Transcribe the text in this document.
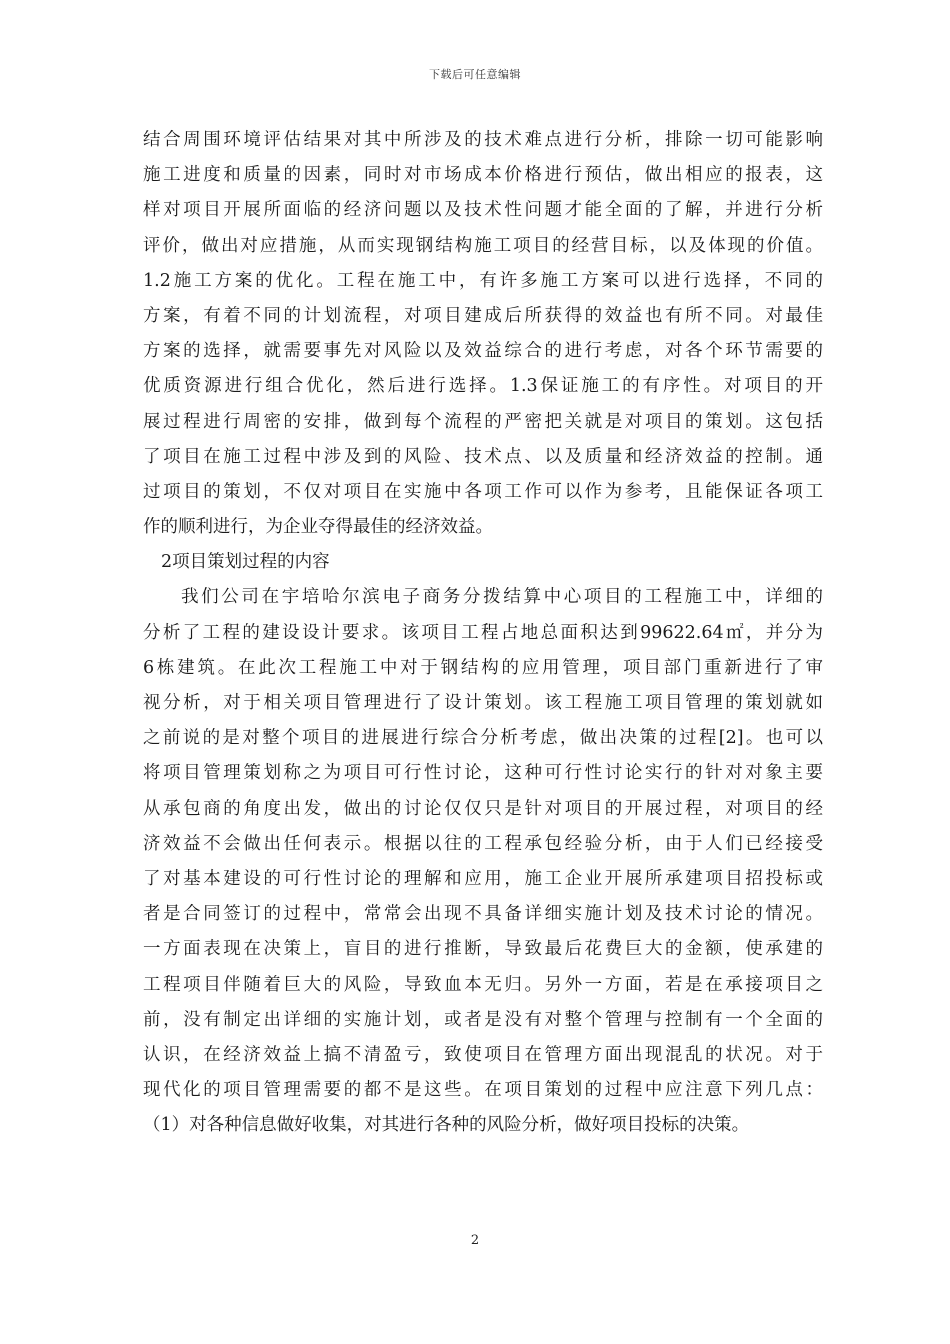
下载后可任意编辑
结合周围环境评估结果对其中所涉及的技术难点进行分析，排除一切可能影响
施工进度和质量的因素，同时对市场成本价格进行预估，做出相应的报表，这
样对项目开展所面临的经济问题以及技术性问题才能全面的了解，并进行分析
评价，做出对应措施，从而实现钢结构施工项目的经营目标，以及体现的价值。
1.2施工方案的优化。工程在施工中，有许多施工方案可以进行选择，不同的
方案，有着不同的计划流程，对项目建成后所获得的效益也有所不同。对最佳
方案的选择，就需要事先对风险以及效益综合的进行考虑，对各个环节需要的
优质资源进行组合优化，然后进行选择。1.3保证施工的有序性。对项目的开
展过程进行周密的安排，做到每个流程的严密把关就是对项目的策划。这包括
了项目在施工过程中涉及到的风险、技术点、以及质量和经济效益的控制。通
过项目的策划，不仅对项目在实施中各项工作可以作为参考，且能保证各项工
作的顺利进行，为企业夺得最佳的经济效益。
2项目策划过程的内容
我们公司在宇培哈尔滨电子商务分拨结算中心项目的工程施工中，详细的
分析了工程的建设设计要求。该项目工程占地总面积达到99622.64㎡，并分为
6栋建筑。在此次工程施工中对于钢结构的应用管理，项目部门重新进行了审
视分析，对于相关项目管理进行了设计策划。该工程施工项目管理的策划就如
之前说的是对整个项目的进展进行综合分析考虑，做出决策的过程[2]。也可以
将项目管理策划称之为项目可行性讨论，这种可行性讨论实行的针对对象主要
从承包商的角度出发，做出的讨论仅仅只是针对项目的开展过程，对项目的经
济效益不会做出任何表示。根据以往的工程承包经验分析，由于人们已经接受
了对基本建设的可行性讨论的理解和应用，施工企业开展所承建项目招投标或
者是合同签订的过程中，常常会出现不具备详细实施计划及技术讨论的情况。
一方面表现在决策上，盲目的进行推断，导致最后花费巨大的金额，使承建的
工程项目伴随着巨大的风险，导致血本无归。另外一方面，若是在承接项目之
前，没有制定出详细的实施计划，或者是没有对整个管理与控制有一个全面的
认识，在经济效益上搞不清盈亏，致使项目在管理方面出现混乱的状况。对于
现代化的项目管理需要的都不是这些。在项目策划的过程中应注意下列几点：
（1）对各种信息做好收集，对其进行各种的风险分析，做好项目投标的决策。
2
